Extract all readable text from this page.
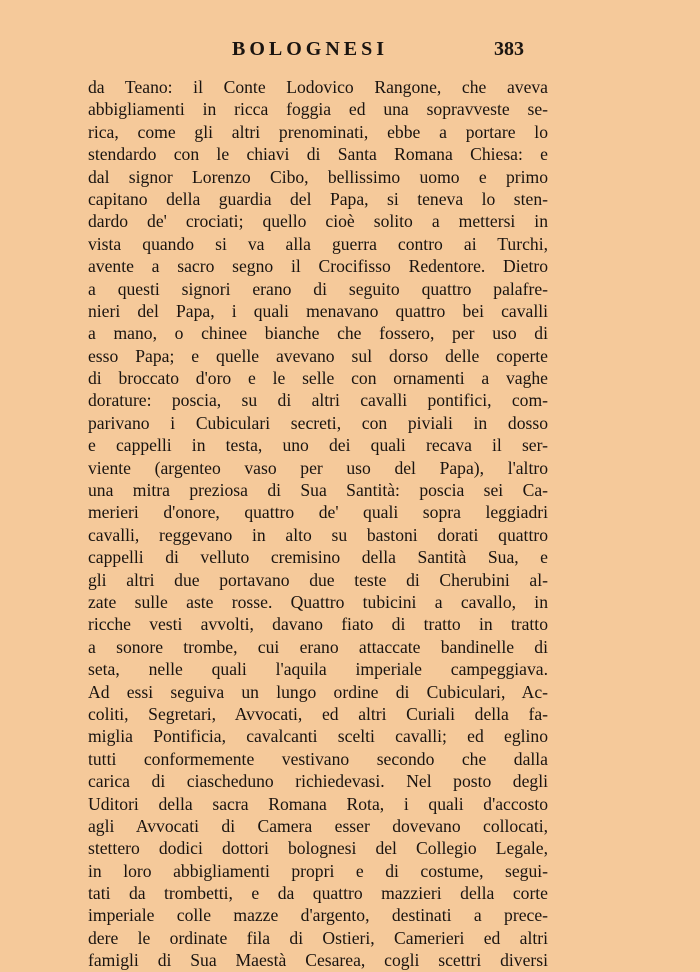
BOLOGNESI	383
da Teano: il Conte Lodovico Rangone, che aveva
abbigliamenti in ricca foggia ed una sopravveste se-
rica, come gli altri prenominati, ebbe a portare lo
stendardo con le chiavi di Santa Romana Chiesa: e
dal signor Lorenzo Cibo, bellissimo uomo e primo
capitano della guardia del Papa, si teneva lo sten-
dardo de' crociati; quello cioè solito a mettersi in
vista quando si va alla guerra contro ai Turchi,
avente a sacro segno il Crocifisso Redentore. Dietro
a questi signori erano di seguito quattro palafre-
nieri del Papa, i quali menavano quattro bei cavalli
a mano, o chinee bianche che fossero, per uso di
esso Papa; e quelle avevano sul dorso delle coperte
di broccato d'oro e le selle con ornamenti a vaghe
dorature: poscia, su di altri cavalli pontifici, com-
parivano i Cubiculari secreti, con piviali in dosso
e cappelli in testa, uno dei quali recava il ser-
viente (argenteo vaso per uso del Papa), l'altro
una mitra preziosa di Sua Santità: poscia sei Ca-
merieri d'onore, quattro de' quali sopra leggiadri
cavalli, reggevano in alto su bastoni dorati quattro
cappelli di velluto cremisino della Santità Sua, e
gli altri due portavano due teste di Cherubini al-
zate sulle aste rosse. Quattro tubicini a cavallo, in
ricche vesti avvolti, davano fiato di tratto in tratto
a sonore trombe, cui erano attaccate bandinelle di
seta, nelle quali l'aquila imperiale campeggiava.
Ad essi seguiva un lungo ordine di Cubiculari, Ac-
coliti, Segretari, Avvocati, ed altri Curiali della fa-
miglia Pontificia, cavalcanti scelti cavalli; ed eglino
tutti conformemente vestivano secondo che dalla
carica di ciascheduno richiedevasi. Nel posto degli
Uditori della sacra Romana Rota, i quali d'accosto
agli Avvocati di Camera esser dovevano collocati,
stettero dodici dottori bolognesi del Collegio Legale,
in loro abbigliamenti propri e di costume, segui-
tati da trombetti, e da quattro mazzieri della corte
imperiale colle mazze d'argento, destinati a prece-
dere le ordinate fila di Ostieri, Camerieri ed altri
famigli di Sua Maestà Cesarea, cogli scettri diversi
